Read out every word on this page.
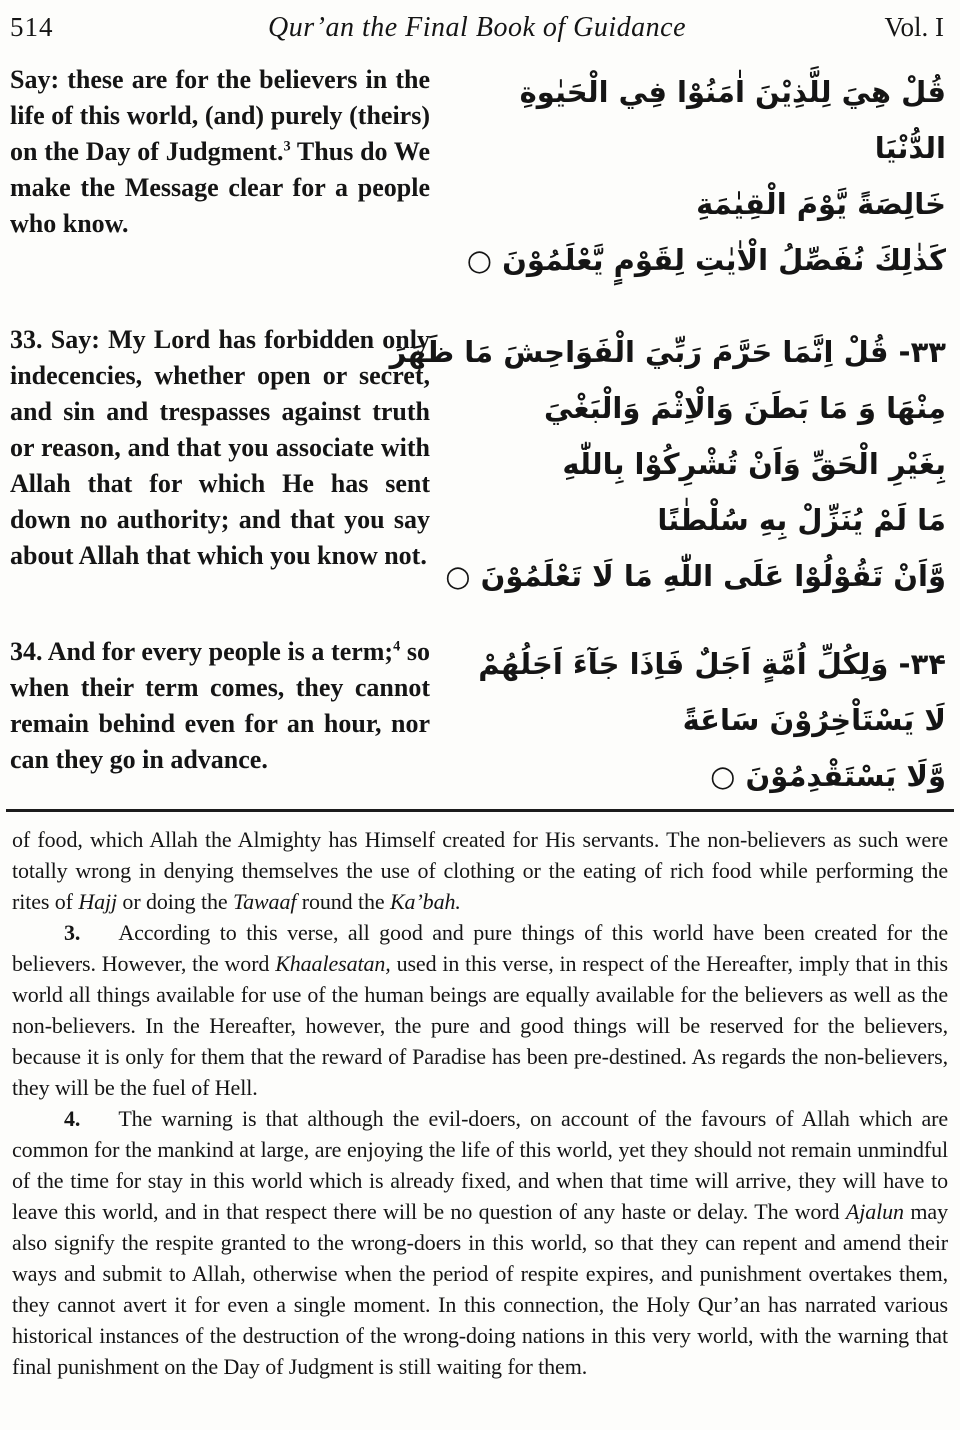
514	Qur’an the Final Book of Guidance	Vol. I

Say: these are for the believers in the life of this world, (and) purely (theirs) on the Day of Judgment.$^3$ Thus do We make the Message clear for a people who know.

قُلْ هِيَ لِلَّذِيْنَ اٰمَنُوْا فِي الْحَيٰوةِ
الدُّنْيَا
خَالِصَةً يَّوْمَ الْقِيٰمَةِ
كَذٰلِكَ نُفَصِّلُ الْاٰيٰتِ لِقَوْمٍ يَّعْلَمُوْنَ ○

33. Say: My Lord has forbidden only indecencies, whether open or secret, and sin and trespasses against truth or reason, and that you associate with Allah that for which He has sent down no authority; and that you say about Allah that which you know not.

۳۳- قُلْ اِنَّمَا حَرَّمَ رَبِّيَ الْفَوَاحِشَ مَا ظَهَرَ
مِنْهَا وَ مَا بَطَنَ وَالْاِثْمَ وَالْبَغْيَ
بِغَيْرِ الْحَقِّ وَاَنْ تُشْرِكُوْا بِاللّٰهِ
مَا لَمْ يُنَزِّلْ بِهِ سُلْطٰنًا
وَّاَنْ تَقُوْلُوْا عَلَى اللّٰهِ مَا لَا تَعْلَمُوْنَ ○

34. And for every people is a term;$^4$ so when their term comes, they cannot remain behind even for an hour, nor can they go in advance.

۳۴- وَلِكُلِّ اُمَّةٍ اَجَلٌ فَاِذَا جَآءَ اَجَلُهُمْ
لَا يَسْتَاْخِرُوْنَ سَاعَةً
وَّلَا يَسْتَقْدِمُوْنَ ○

of food, which Allah the Almighty has Himself created for His servants. The non-believers as such were totally wrong in denying themselves the use of clothing or the eating of rich food while performing the rites of Hajj or doing the Tawaaf round the Ka’bah.

3. According to this verse, all good and pure things of this world have been created for the believers. However, the word Khaalesatan, used in this verse, in respect of the Hereafter, imply that in this world all things available for use of the human beings are equally available for the believers as well as the non-believers. In the Hereafter, however, the pure and good things will be reserved for the believers, because it is only for them that the reward of Paradise has been pre-destined. As regards the non-believers, they will be the fuel of Hell.

4. The warning is that although the evil-doers, on account of the favours of Allah which are common for the mankind at large, are enjoying the life of this world, yet they should not remain unmindful of the time for stay in this world which is already fixed, and when that time will arrive, they will have to leave this world, and in that respect there will be no question of any haste or delay. The word Ajalun may also signify the respite granted to the wrong-doers in this world, so that they can repent and amend their ways and submit to Allah, otherwise when the period of respite expires, and punishment overtakes them, they cannot avert it for even a single moment. In this connection, the Holy Qur’an has narrated various historical instances of the destruction of the wrong-doing nations in this very world, with the warning that final punishment on the Day of Judgment is still waiting for them.
